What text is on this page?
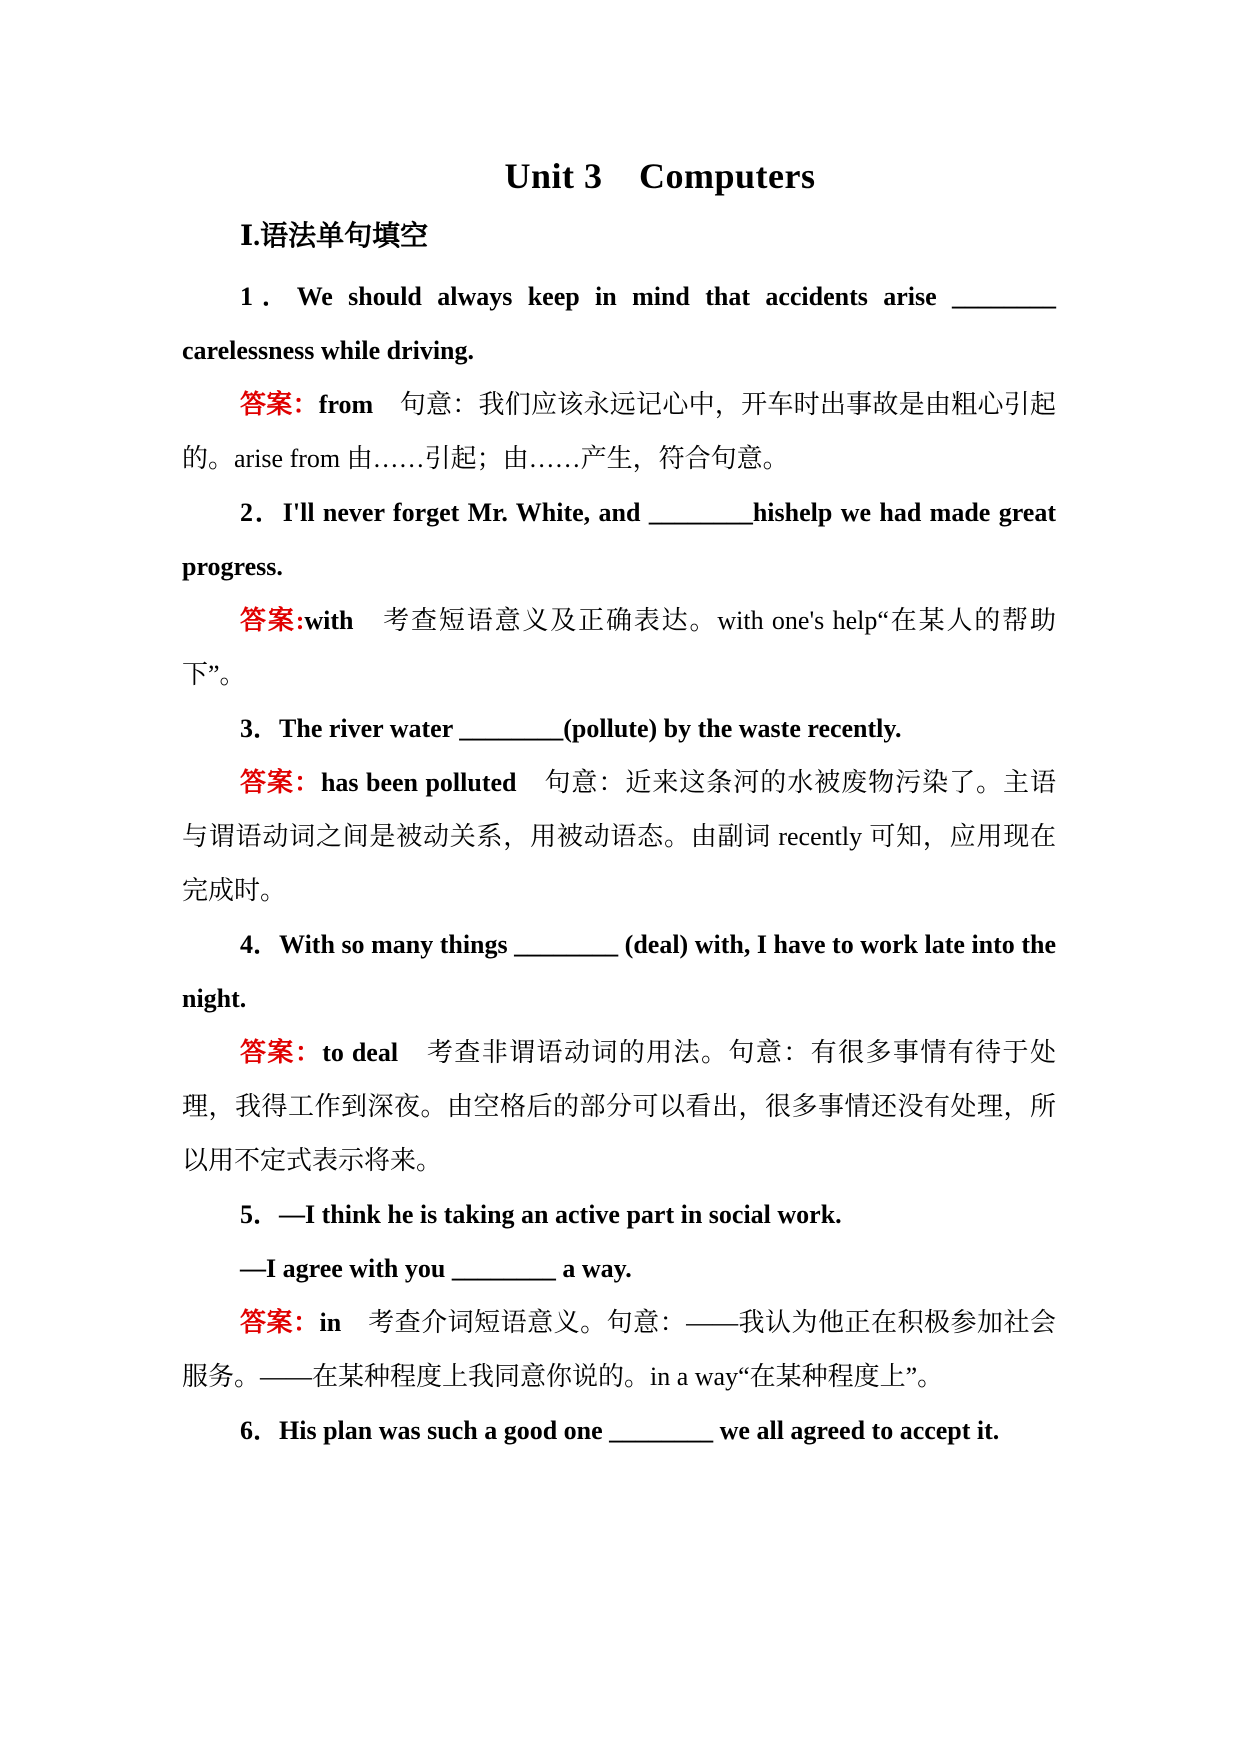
Unit 3　Computers
Ⅰ.语法单句填空

1．We should always keep in mind that accidents arise ________ carelessness while driving.

答案：from　句意：我们应该永远记心中，开车时出事故是由粗心引起的。arise from 由……引起；由……产生，符合句意。

2．I'll never forget Mr. White, and ________hishelp we had made great progress.

答案:with　考查短语意义及正确表达。with one's help“在某人的帮助下”。

3．The river water ________(pollute) by the waste recently.

答案：has been polluted　句意：近来这条河的水被废物污染了。主语与谓语动词之间是被动关系，用被动语态。由副词 recently 可知，应用现在完成时。

4．With so many things ________ (deal) with, I have to work late into the night.

答案：to deal　考查非谓语动词的用法。句意：有很多事情有待于处理，我得工作到深夜。由空格后的部分可以看出，很多事情还没有处理，所以用不定式表示将来。

5．—I think he is taking an active part in social work.

—I agree with you ________ a way.

答案：in　考查介词短语意义。句意：——我认为他正在积极参加社会服务。——在某种程度上我同意你说的。in a way“在某种程度上”。

6．His plan was such a good one ________ we all agreed to accept it.
